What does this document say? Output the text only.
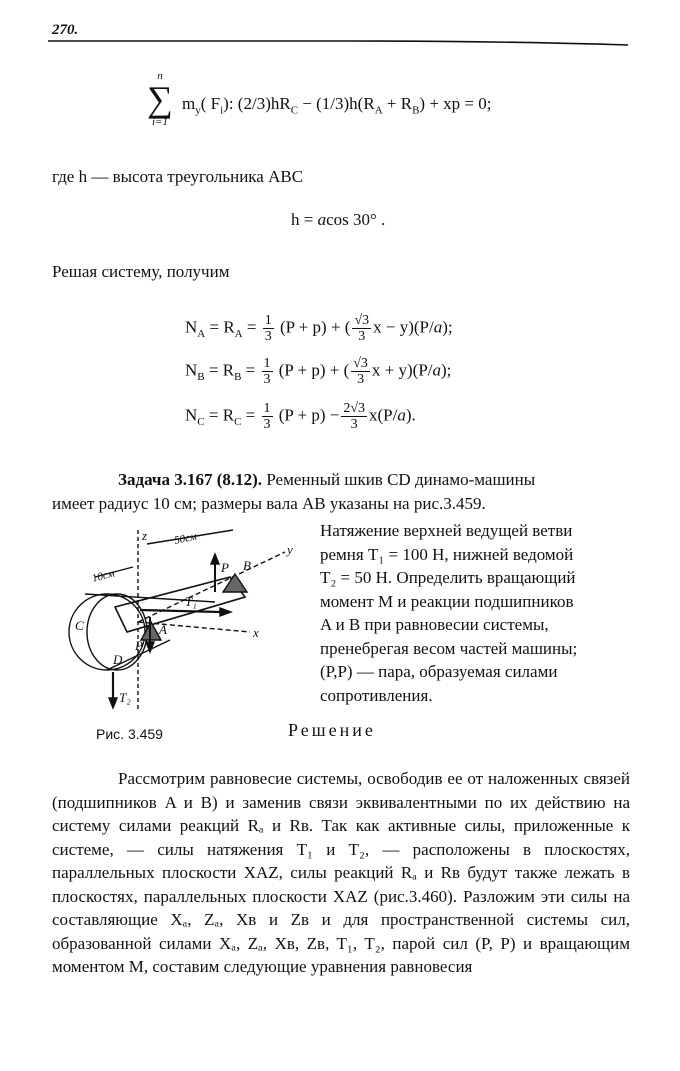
270.
n
∑
i=1
$m_y$( $F_i$): $(2/3)hR_C - (1/3)h(R_A + R_B)$ + xp = 0;
где h — высота треугольника ABC
h = acos 30° .
Решая систему, получим
$N_A = R_A = \frac{1}{3} (P + p)$ + ( $\frac{√3}{3}$ x − y)(P/a);
$N_B = R_B = \frac{1}{3} (P + p)$ + ( $\frac{√3}{3}$ x + y)(P/a);
$N_C = R_C = \frac{1}{3} (P + p) - \frac{2√3}{3} x(P/a)$.
Задача 3.167 (8.12). Ременный шкив CD динамо-машины
имеет радиус 10 см; размеры вала AB указаны на рис.3.459.
Натяжение верхней ведущей ветви
ремня T₁ = 100 H, нижней ведомой
T₂ = 50 H. Определить вращающий
момент M и реакции подшипников
A и B при равновесии системы,
пренебрегая весом частей машины;
(P,P) — пара, образуемая силами
сопротивления.
z 50см
y
x
10см
C
D
A
B
P
P
T₁
T₂
Рис. 3.459	Решение
Рассмотрим равновесие системы, освободив ее от наложенных связей (подшипников A и B) и заменив связи эквивалентными по их действию на систему силами реакций Rₐ и Rʙ. Так как активные силы, приложенные к системе, — силы натяжения T₁ и T₂, — расположены в плоскостях, параллельных плоскости XAZ, силы реакций Rₐ и Rʙ будут также лежать в плоскостях, параллельных плоскости XAZ (рис.3.460). Разложим эти силы на составляющие Xₐ, Zₐ, Xʙ и Zʙ и для пространственной системы сил, образованной силами Xₐ, Zₐ, Xʙ, Zʙ, T₁, T₂, парой сил (P, P) и вращающим моментом M, составим следующие уравнения равновесия
